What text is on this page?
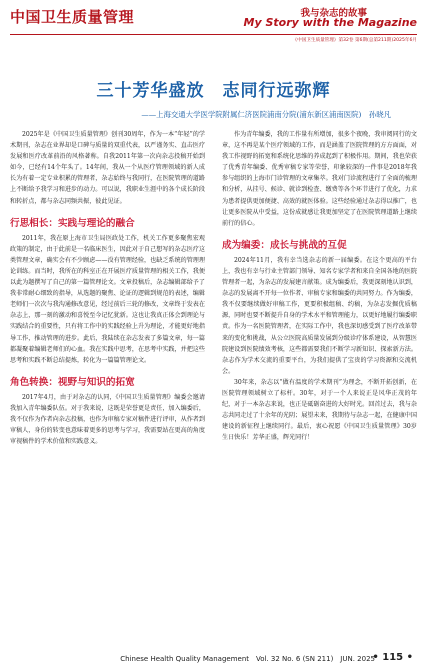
中国卫生质量管理	我与杂志的故事
My Story with the Magazine
《中国卫生质量管理》第32卷 第6期(总第211期)2025年6月
三十芳华盛放　志同行远弥辉
——上海交通大学医学院附属仁济医院浦南分院(浦东新区浦南医院)　孙晓凡

2025年是《中国卫生质量管理》创刊30周年，作为一本“年轻”的学术期刊，杂志在业界却是口碑与质量的双重代表，以严谨务实、直击医疗发展和医疗改革前沿的风格著称。自我2011年第一次向杂志投稿开始到如今，已经有14个年头了。14年间，我从一个从医疗管理领域的新人成长为有着一定专业积累的管理者，杂志始终与我同行，在医院管理的道路上不断给予我学习和进步的动力。可以说，我职业生涯中的各个成长阶段和转折点，都与杂志同频共振，彼此见证。

行思相长：实践与理论的融合

2011年，我在原上海市卫生局医政处工作，机关工作更多聚焦宏观政策的制定，由于此前是一名临床医生，因此对于自己想写的杂志医疗这类管理文章，确实会有不少顾虑——没有管理经验，也缺乏系统的管理理论训练。而当时，我所在的科室正在开展医疗质量管理的相关工作，我便以此为题撰写了自己的第一篇管理论文。文章投稿后，杂志编辑部给予了我非常耐心细致的指导，从选题的聚焦、论证的逻辑到规范的表述，编辑老师们一次次与我沟通修改意见，经过前后三轮的修改，文章终于发表在杂志上，那一刻的激动和喜悦至今记忆犹新。这也让我真正体会到理论与实践结合的重要性，只有将工作中的实践经验上升为理论，才能更好地指导工作，推动管理的进步。此后，我陆续在杂志发表了多篇文章，每一篇都凝聚着编辑老师们的心血。我在实践中思考，在思考中实践，并把这些思考和实践不断总结提炼，转化为一篇篇管理论文。

角色转换：视野与知识的拓宽

2017年4月，由于对杂志的认同，《中国卫生质量管理》编委会邀请我加入青年编委队伍。对于我来说，这既是荣誉更是责任，加入编委后，我不仅作为作者向杂志投稿，也作为审稿专家对稿件进行评审，从作者到审稿人，身份的转变也意味着更多的思考与学习，我需要站在更高的角度审视稿件的学术价值和实践意义。

作为青年编委，我的工作量有所增加，很多个夜晚，我审阅同行的文章，这不再是某个医疗领域的工作，而是涵盖了医院管理的方方面面，对我工作视野的拓宽和系统化思维的养成起到了积极作用。期间，我也荣获了优秀青年编委、优秀审稿专家等荣誉，印象较深的一件事是2018年我参与组织的上海市门诊管理的文章集萃。我对门诊流程进行了全面的梳理和分析，从挂号、候诊、就诊到检查、缴费等各个环节进行了优化，力求为患者提供更加便捷、高效的就医体验。这些经验通过杂志得以推广，也让更多医院从中受益，这份成就感让我更加坚定了在医院管理道路上继续前行的信心。

成为编委：成长与挑战的互促

2024年11月，我有幸当选杂志的新一届编委。在这个更高的平台上，我也有幸与行业主管部门领导、知名专家学者和来自全国各地的医院管理者一起，为杂志的发展建言献策。成为编委后，我更深刻地认识到，杂志的发展离不开每一位作者、审稿专家和编委的共同努力。作为编委，我不仅要继续做好审稿工作，更要积极组稿、约稿，为杂志发掘优质稿源，同时也要不断提升自身的学术水平和管理能力，以更好地履行编委职责。作为一名医院管理者，在实际工作中，我也深切感受到了医疗改革带来的变化和挑战，从公立医院高质量发展到分级诊疗体系建设，从智慧医院建设到医院绩效考核，这些都需要我们不断学习新知识、探索新方法。杂志作为学术交流的重要平台，为我们提供了宝贵的学习资源和交流机会。

30年来，杂志以“做有温度的学术期刊”为理念，不断开拓创新，在医院管理领域树立了标杆。30年，对于一个人来说正是风华正茂的年纪，对于一本杂志来说，也正是砥砺奋进的大好时光。回首过去，我与杂志共同走过了十余年的光阴；展望未来，我期待与杂志一起，在健康中国建设的新征程上继续同行。最后，衷心祝愿《中国卫生质量管理》30岁生日快乐！芳华正盛，辉光同行！

Chinese Health Quality Management　Vol. 32 No. 6 (SN 211)　JUN. 2025
• 115 •
